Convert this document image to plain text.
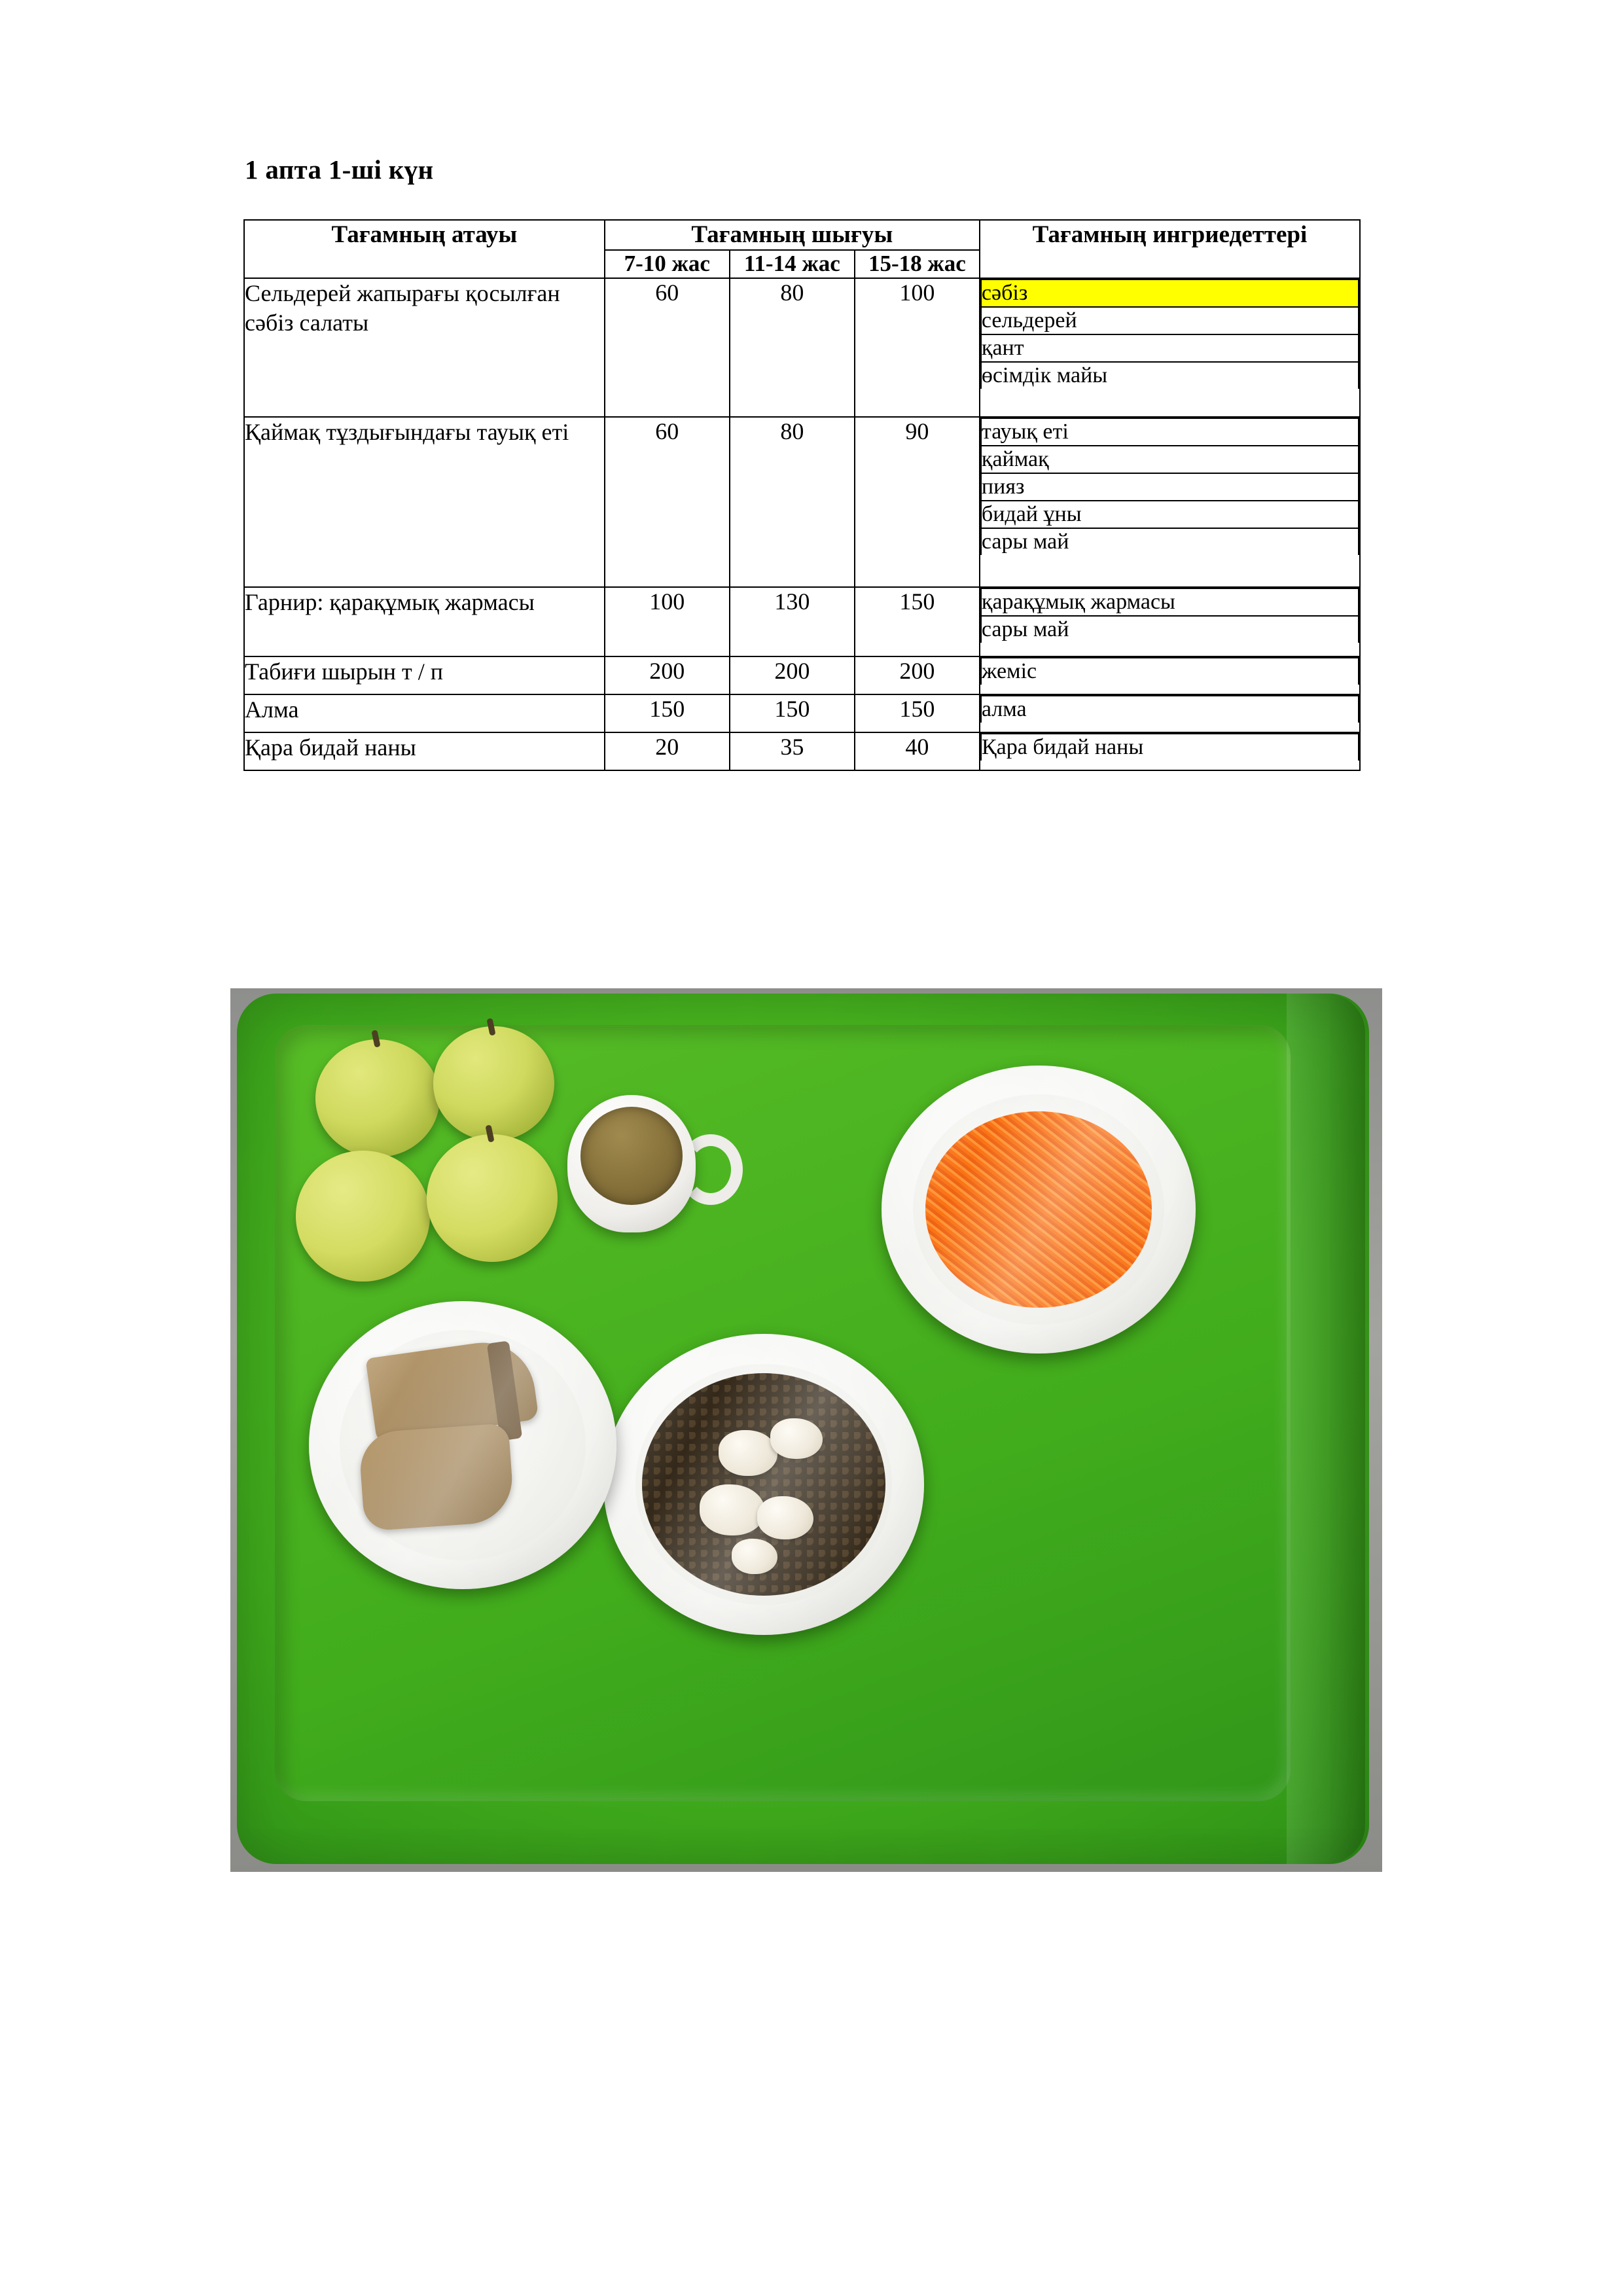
1 апта 1-ші күн
Тағамның атауы	Тағамның шығуы	Тағамның ингриедеттері
7-10 жас	11-14 жас	15-18 жас
Сельдерей жапырағы қосылған сәбіз салаты	60	80	100	сәбіз
сельдерей
қант
өсімдік майы

Қаймақ тұздығындағы тауық еті	60	80	90	тауық еті
қаймақ
пияз
бидай ұны
сары май

Гарнир: қарақұмық жармасы	100	130	150	қарақұмық жармасы
сары май

Табиғи шырын т / п	200	200	200	жеміс

Алма	150	150	150	алма

Қара бидай наны	20	35	40	Қара бидай наны
